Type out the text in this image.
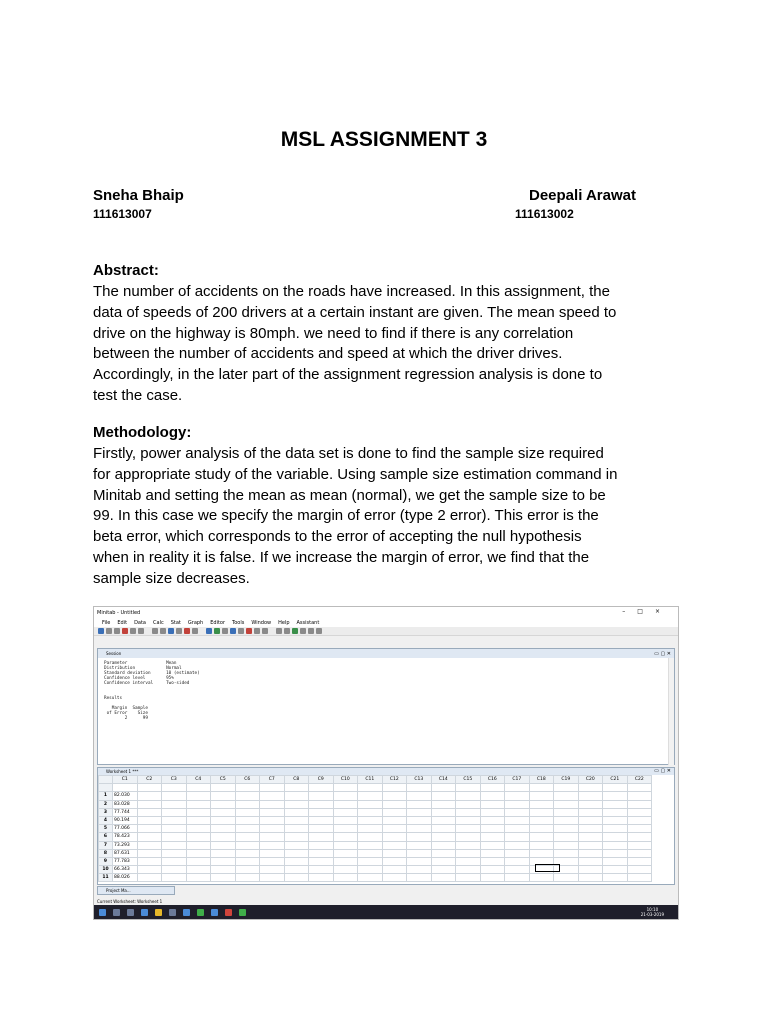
MSL ASSIGNMENT 3
Sneha Bhaip
111613007
Deepali Arawat
111613002
Abstract:
The number of accidents on the roads have increased. In this assignment, the
data of speeds of 200 drivers at a certain instant are given. The mean speed to
drive on the highway is 80mph. we need to find if there is any correlation
between the number of accidents and speed at which the driver drives.
Accordingly, in the later part of the assignment regression analysis is done to
test the case.
Methodology:
Firstly, power analysis of the data set is done to find the sample size required
for appropriate study of the variable. Using sample size estimation command in
Minitab and setting the mean as mean (normal), we get the sample size to be
99. In this case we specify the margin of error (type 2 error). This error is the
beta error, which corresponds to the error of accepting the null hypothesis
when in reality it is false. If we increase the margin of error, we find that the
sample size decreases.
Minitab - Untitled	–□×
File Edit Data Calc Stat Graph Editor Tools Window Help Assistant
Session	▭ ▢ ✕
Parameter               Mean
Distribution            Normal
Standard deviation      10 (estimate)
Confidence level        95%
Confidence interval     Two-sided

Results

Margin  Sample
of Error    Size
2      99
Worksheet 1 ***	▭ ▢ ✕
	C1	C2	C3	C4	C5	C6	C7	C8	C9	C10	C11	C12	C13	C14	C15	C16	C17	C18	C19	C20	C21	C22

1	82.030																					
2	83.028																					
3	77.744																					
4	90.194																					
5	77.066																					
6	78.423																					
7	73.293																					
8	87.631																					
9	77.783																					
10	66.343																					
11	88.026																					
Project Ma...
Current Worksheet: Worksheet 1
10:10
21-03-2019
